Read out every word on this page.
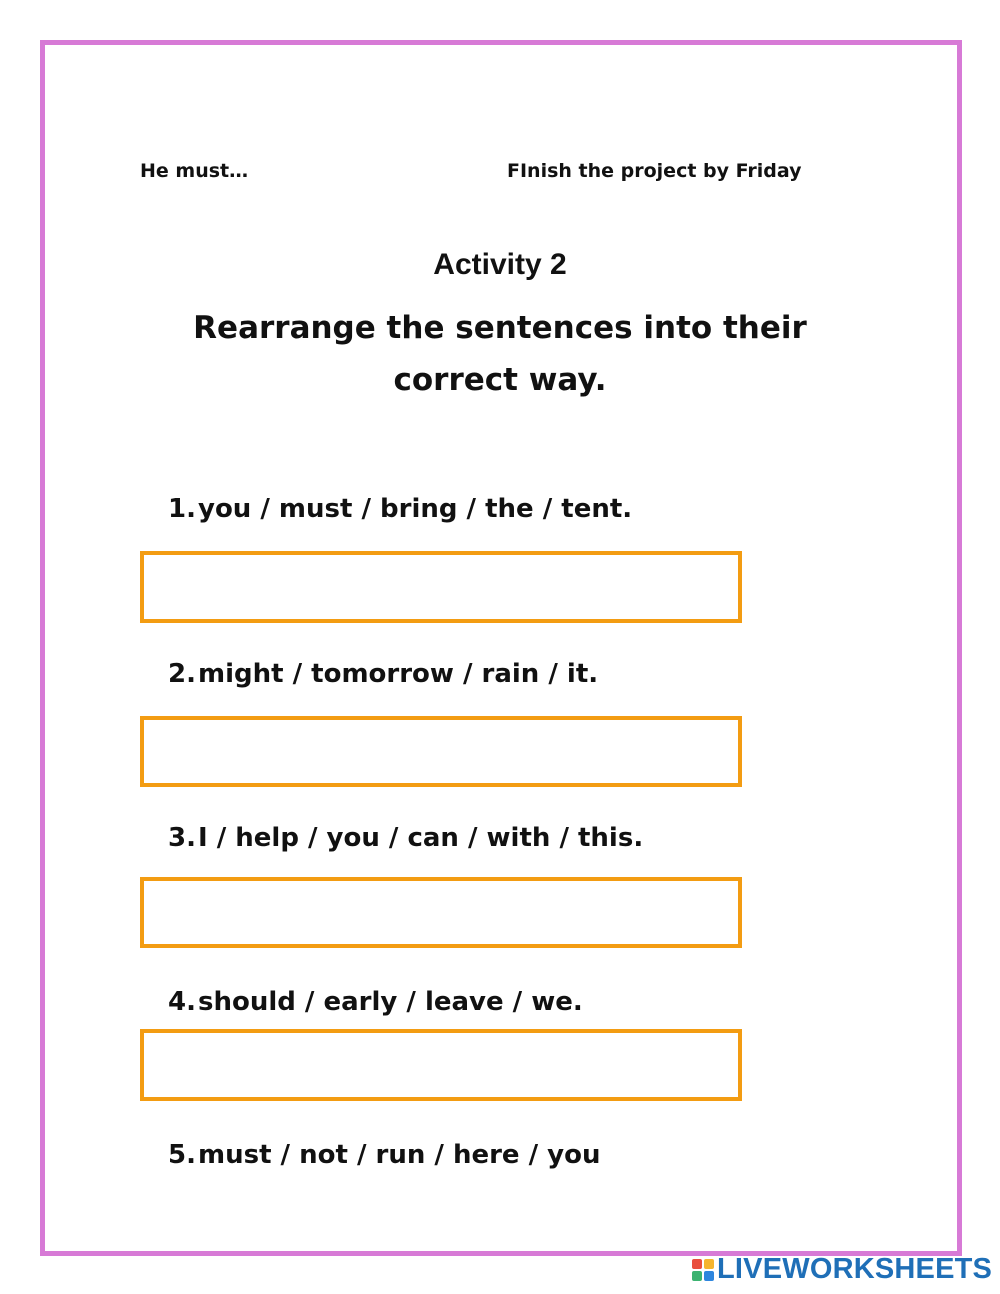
He must…	FInish the project by Friday
Activity 2
Rearrange the sentences into their correct way.
1.you / must / bring / the / tent.
2.might / tomorrow / rain / it.
3.I / help / you / can / with / this.
4.should / early / leave / we.
5.must / not / run / here / you
LIVEWORKSHEETS
